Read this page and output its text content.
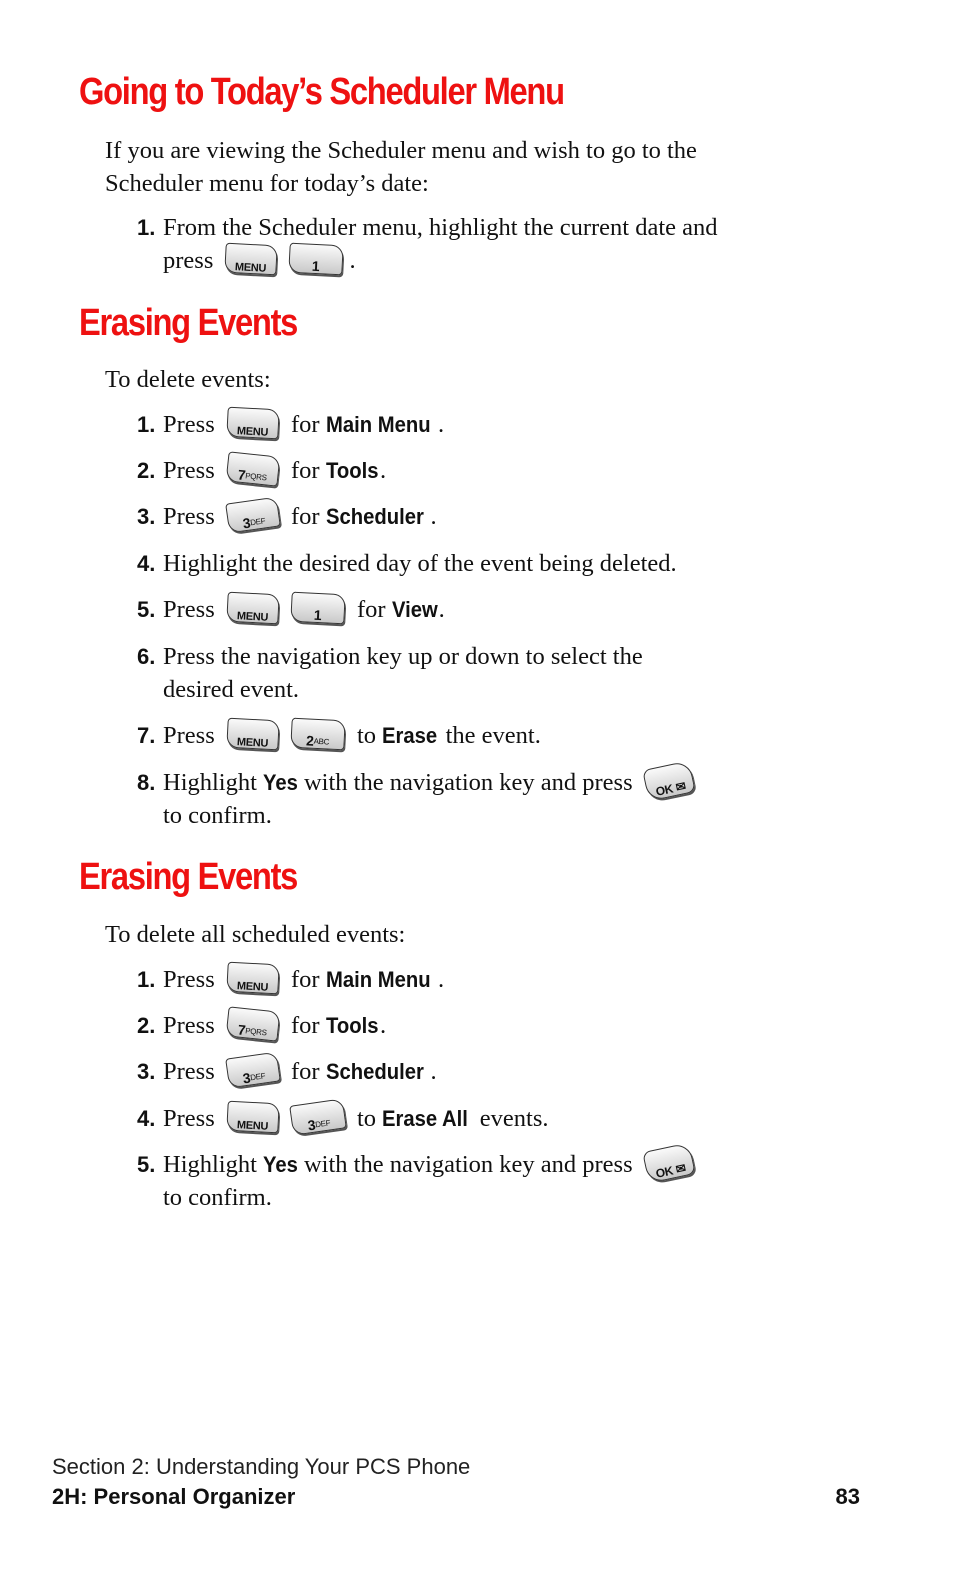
Going to Today’s Scheduler Menu

If you are viewing the Scheduler menu and wish to go to the
Scheduler menu for today’s date:

1. From the Scheduler menu, highlight the current date and
press	MENU	1	.
Erasing Events

To delete events:

1. Press	MENU for Main Menu .
2. Press	$7^{PQRS}$ for Tools.
3. Press	$3^{DEF}$	for Scheduler .
4. Highlight the desired day of the event being deleted.
5. Press	MENU	1	for View.
6. Press the navigation key up or down to select the
desired event.
7. Press	MENU	$2^{ABC}$	to Erase the event.
8. Highlight Yes with the navigation key and press	OK ✉

to confirm.
Erasing Events

To delete all scheduled events:

1. Press	MENU for Main Menu .
2. Press	$7^{PQRS}$ for Tools.
3. Press	$3^{DEF}$	for Scheduler .
4. Press	MENU	$3^{DEF}$	to Erase All events.
5. Highlight Yes with the navigation key and press	OK ✉

to confirm.
Section 2: Understanding Your PCS Phone
2H: Personal Organizer	83
